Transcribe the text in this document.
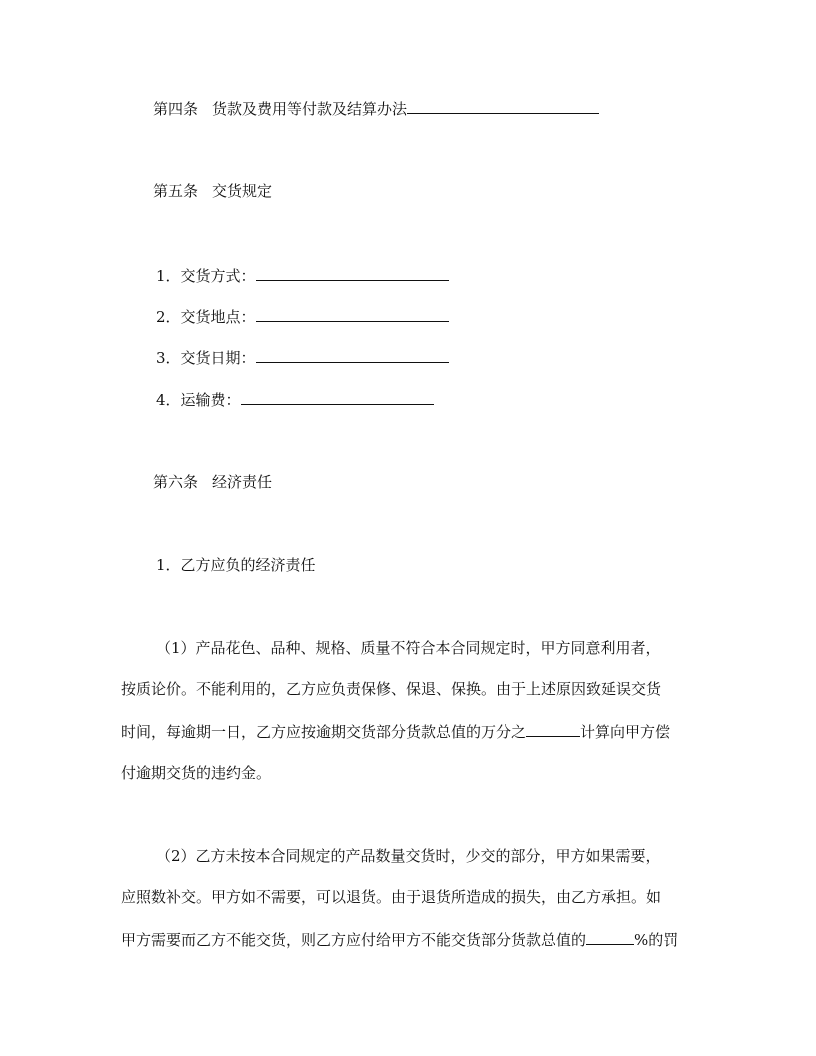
第四条 货款及费用等付款及结算办法
第五条 交货规定
1．交货方式：
2．交货地点：
3．交货日期：
4．运输费：
第六条 经济责任
1．乙方应负的经济责任
（1）产品花色、品种、规格、质量不符合本合同规定时，甲方同意利用者，
按质论价。不能利用的，乙方应负责保修、保退、保换。由于上述原因致延误交货
时间，每逾期一日，乙方应按逾期交货部分货款总值的万分之	计算向甲方偿
付逾期交货的违约金。
（2）乙方未按本合同规定的产品数量交货时，少交的部分，甲方如果需要，
应照数补交。甲方如不需要，可以退货。由于退货所造成的损失，由乙方承担。如
甲方需要而乙方不能交货，则乙方应付给甲方不能交货部分货款总值的	%的罚
